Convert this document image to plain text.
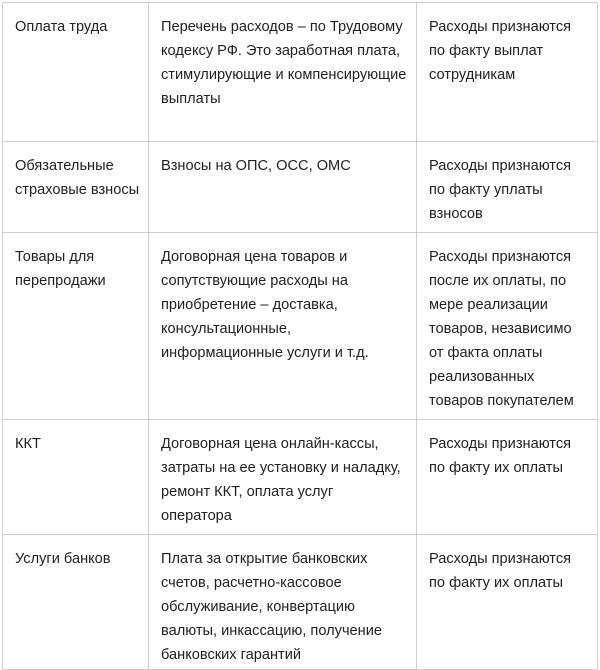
Оплата труда	Перечень расходов – по Трудовому кодексу РФ. Это заработная плата, стимулирующие и компенсирующие выплаты	Расходы признаются по факту выплат сотрудникам
Обязательные страховые взносы	Взносы на ОПС, ОСС, ОМС	Расходы признаются по факту уплаты взносов
Товары для перепродажи	Договорная цена товаров и сопутствующие расходы на приобретение – доставка, консультационные, информационные услуги и т.д.	Расходы признаются после их оплаты, по мере реализации товаров, независимо от факта оплаты реализованных товаров покупателем
ККТ	Договорная цена онлайн-кассы, затраты на ее установку и наладку, ремонт ККТ, оплата услуг оператора	Расходы признаются по факту их оплаты
Услуги банков	Плата за открытие банковских счетов, расчетно-кассовое обслуживание, конвертацию валюты, инкассацию, получение банковских гарантий	Расходы признаются по факту их оплаты
